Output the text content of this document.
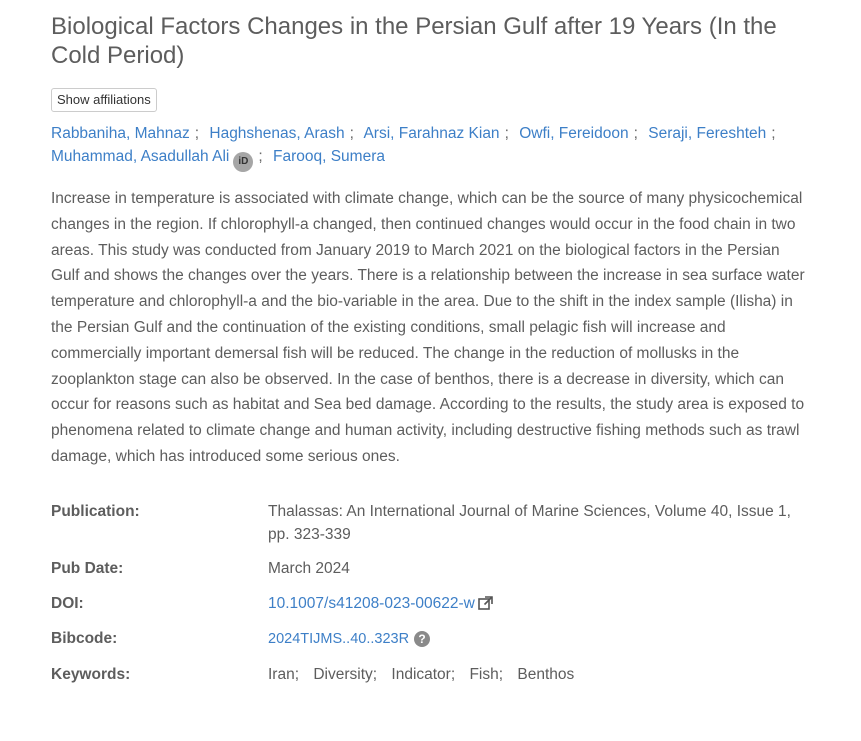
Biological Factors Changes in the Persian Gulf after 19 Years (In the Cold Period)
Show affiliations
Rabbaniha, Mahnaz ; Haghshenas, Arash ; Arsi, Farahnaz Kian ; Owfi, Fereidoon ; Seraji, Fereshteh ;
Muhammad, Asadullah Ali iD ; Farooq, Sumera

Increase in temperature is associated with climate change, which can be the source of many physicochemical changes in the region. If chlorophyll-a changed, then continued changes would occur in the food chain in two areas. This study was conducted from January 2019 to March 2021 on the biological factors in the Persian Gulf and shows the changes over the years. There is a relationship between the increase in sea surface water temperature and chlorophyll-a and the bio-variable in the area. Due to the shift in the index sample (Ilisha) in the Persian Gulf and the continuation of the existing conditions, small pelagic fish will increase and commercially important demersal fish will be reduced. The change in the reduction of mollusks in the zooplankton stage can also be observed. In the case of benthos, there is a decrease in diversity, which can occur for reasons such as habitat and Sea bed damage. According to the results, the study area is exposed to phenomena related to climate change and human activity, including destructive fishing methods such as trawl damage, which has introduced some serious ones.

Publication:	Thalassas: An International Journal of Marine Sciences, Volume 40, Issue 1, pp. 323-339
Pub Date:	March 2024
DOI:	10.1007/s41208-023-00622-w
Bibcode:	2024TIJMS..40..323R ?
Keywords:	Iran; Diversity; Indicator; Fish; Benthos
